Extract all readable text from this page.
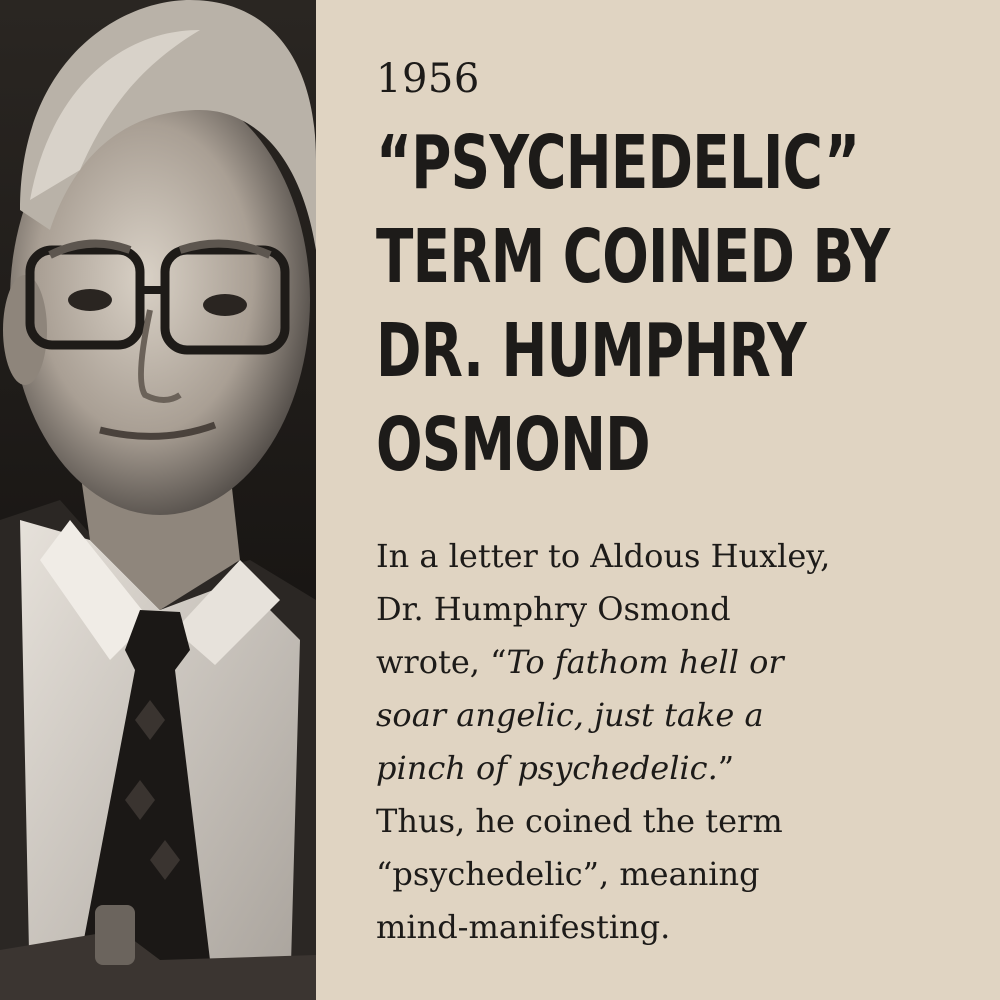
1956
“PSYCHEDELIC”
TERM COINED BY
DR. HUMPHRY
OSMOND

In a letter to Aldous Huxley,
Dr. Humphry Osmond
wrote, “To fathom hell or
soar angelic, just take a
pinch of psychedelic.”
Thus, he coined the term
“psychedelic”, meaning
mind-manifesting.
